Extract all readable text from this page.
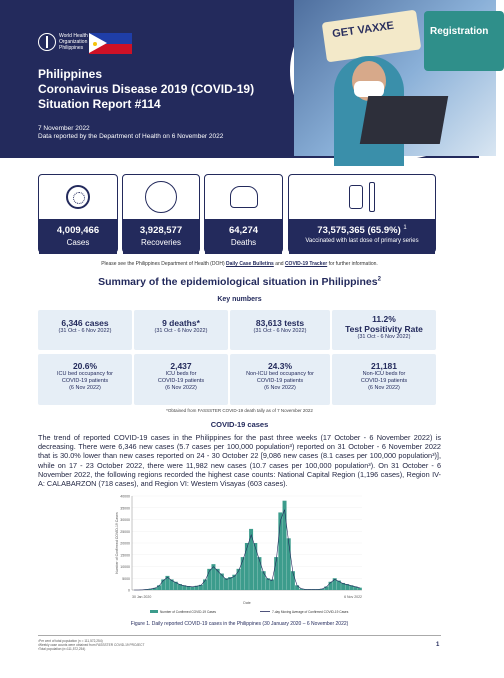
World Health Organization Philippines
Philippines
Coronavirus Disease 2019 (COVID-19)
Situation Report #114
7 November 2022
Data reported by the Department of Health on 6 November 2022
GET VAXXE	Registration
4,009,466
Cases
3,928,577
Recoveries
64,274
Deaths
73,575,365 (65.9%) $^1$
Vaccinated with last dose of primary series
Please see the Philippines Department of Health (DOH) Daily Case Bulletins and COVID-19 Tracker for further information.
Summary of the epidemiological situation in Philippines$^2$
Key numbers
6,346 cases
(31 Oct - 6 Nov 2022)
9 deaths*
(31 Oct - 6 Nov 2022)
83,613 tests
(31 Oct - 6 Nov 2022)
11.2%
Test Positivity Rate
(31 Oct - 6 Nov 2022)
20.6%
ICU bed occupancy for
COVID-19 patients
(6 Nov 2022)
2,437
ICU beds for
COVID-19 patients
(6 Nov 2022)
24.3%
Non-ICU bed occupancy for
COVID-19 patients
(6 Nov 2022)
21,181
Non-ICU beds for
COVID-19 patients
(6 Nov 2022)
*Obtained from FASSSTER COVID-19 death tally as of 7 November 2022
COVID-19 cases
The trend of reported COVID-19 cases in the Philippines for the past three weeks (17 October - 6 November 2022) is decreasing. There were 6,346 new cases (5.7 cases per 100,000 population³) reported on 31 October - 6 November 2022 that is 30.0% lower than new cases reported on 24 - 30 October 22 [9,086 new cases (8.1 cases per 100,000 population³)], while on 17 - 23 October 2022, there were 11,982 new cases (10.7 cases per 100,000 population³). On 31 October - 6 November 2022, the following regions recorded the highest case counts: National Capital Region (1,196 cases), Region IV-A: CALABARZON (718 cases), and Region VI: Western Visayas (603 cases).
0
5000
10000
15000
20000
25000
30000
35000
40000
Number of Confirmed COVID-19 Cases
30 Jan 2020	6 Nov 2022
Date
Number of Confirmed COVID-19 Cases	7-day Moving Average of Confirmed COVID-19 Cases
Figure 1. Daily reported COVID-19 cases in the Philippines (30 January 2020 – 6 November 2022)
¹Per cent of total population (n = 111,572,254)
²Weekly case counts were obtained from FASSSTER COVID-19 PROJECT
³Total population (n=111,572,254)
1
